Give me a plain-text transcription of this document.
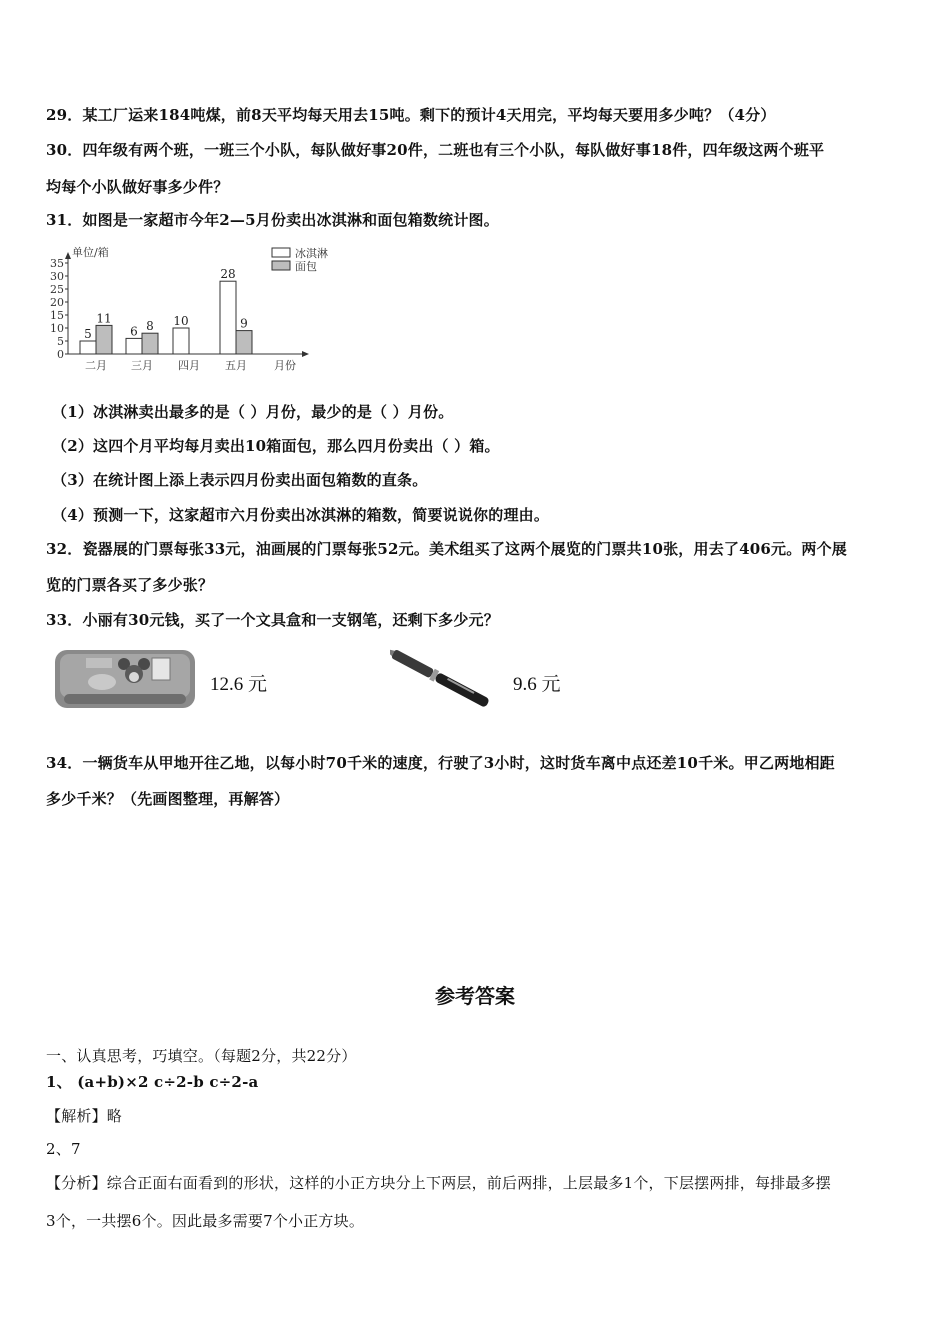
29．某工厂运来184吨煤，前8天平均每天用去15吨。剩下的预计4天用完，平均每天要用多少吨？（4分）
30．四年级有两个班，一班三个小队，每队做好事20件，二班也有三个小队，每队做好事18件，四年级这两个班平
均每个小队做好事多少件？
31．如图是一家超市今年2—5月份卖出冰淇淋和面包箱数统计图。
单位/箱
0
5
10
15
20
25
30
35
5
11
二月
6 8
三月
10
四月
28
9
五月 月份
冰淇淋
面包
（1）冰淇淋卖出最多的是（ ）月份，最少的是（ ）月份。
（2）这四个月平均每月卖出10箱面包，那么四月份卖出（ ）箱。
（3）在统计图上添上表示四月份卖出面包箱数的直条。
（4）预测一下，这家超市六月份卖出冰淇淋的箱数，简要说说你的理由。
32．瓷器展的门票每张33元，油画展的门票每张52元。美术组买了这两个展览的门票共10张，用去了406元。两个展
览的门票各买了多少张？
33．小丽有30元钱，买了一个文具盒和一支钢笔，还剩下多少元？
12.6 元	9.6 元
34．一辆货车从甲地开往乙地，以每小时70千米的速度，行驶了3小时，这时货车离中点还差10千米。甲乙两地相距
多少千米？（先画图整理，再解答）
参考答案
一、认真思考，巧填空。（每题2分，共22分）
1、 (a+b)×2 c÷2-b c÷2-a
【解析】略
2、7
【分析】综合正面右面看到的形状，这样的小正方块分上下两层，前后两排，上层最多1个，下层摆两排，每排最多摆
3个，一共摆6个。因此最多需要7个小正方块。
